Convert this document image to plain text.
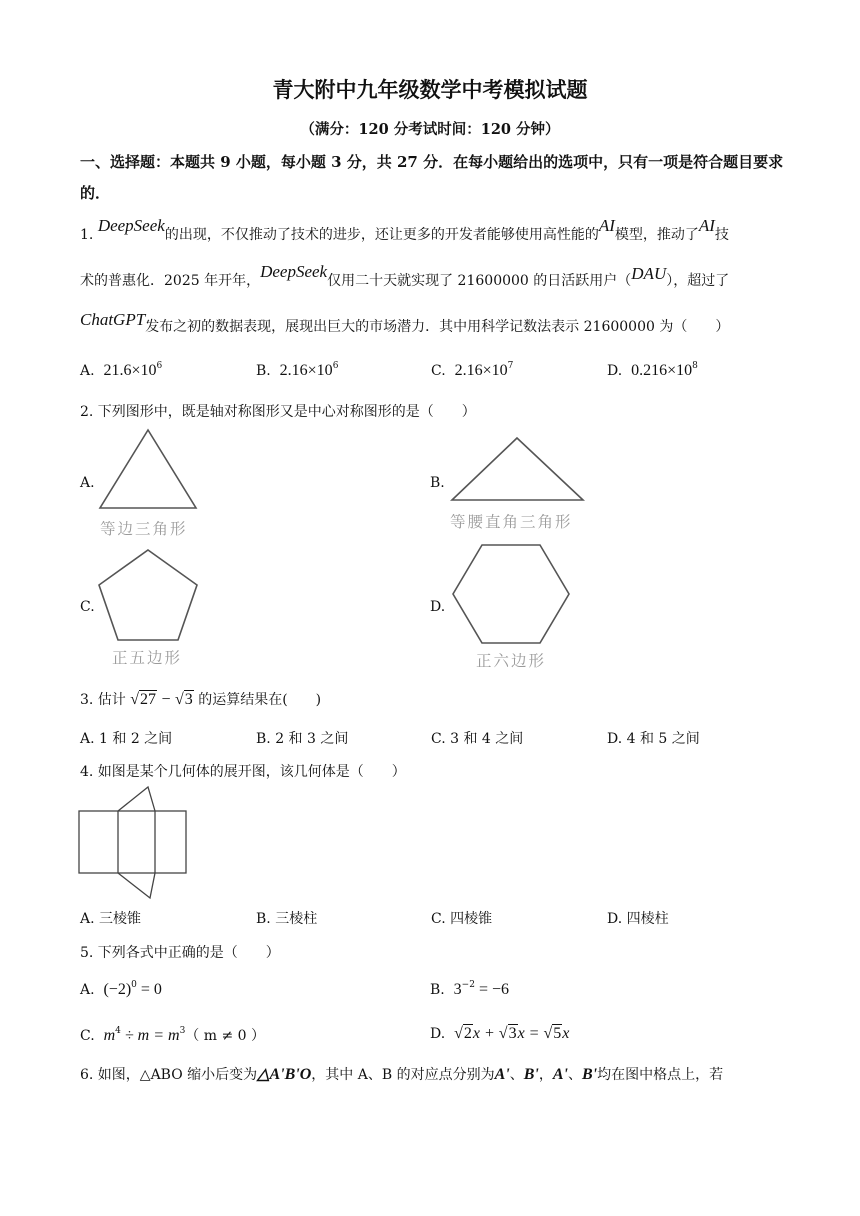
青大附中九年级数学中考模拟试题
（满分：120 分考试时间：120 分钟）
一、选择题：本题共 9 小题，每小题 3 分，共 27 分．在每小题给出的选项中，只有一项是符合题目要求的．
1. DeepSeek的出现，不仅推动了技术的进步，还让更多的开发者能够使用高性能的AI模型，推动了AI技
术的普惠化．2025 年开年，DeepSeek仅用二十天就实现了 21600000 的日活跃用户（DAU），超过了
ChatGPT发布之初的数据表现，展现出巨大的市场潜力．其中用科学记数法表示 21600000 为（　　）
A. $21.6\times 10^6$	B. $2.16\times 10^6$	C. $2.16\times 10^7$	D. $0.216\times 10^8$
2. 下列图形中，既是轴对称图形又是中心对称图形的是（　　）
A.
等边三角形
B.
等腰直角三角形
C.
正五边形
D.
正六边形
3. 估计 √27 − √3 的运算结果在(　　)
A. 1 和 2 之间	B. 2 和 3 之间	C. 3 和 4 之间	D. 4 和 5 之间
4. 如图是某个几何体的展开图，该几何体是（　　）
A. 三棱锥	B. 三棱柱	C. 四棱锥	D. 四棱柱
5. 下列各式中正确的是（　　）
A. $(-2)^0 = 0$	B. $3^{-2} = -6$
C. $m^4 \div m = m^3$（ m ≠ 0 ）	D. √2x + √3x = √5x
6. 如图，△ABO 缩小后变为△A'B'O，其中 A、B 的对应点分别为A'、B'，A'、B'均在图中格点上，若
